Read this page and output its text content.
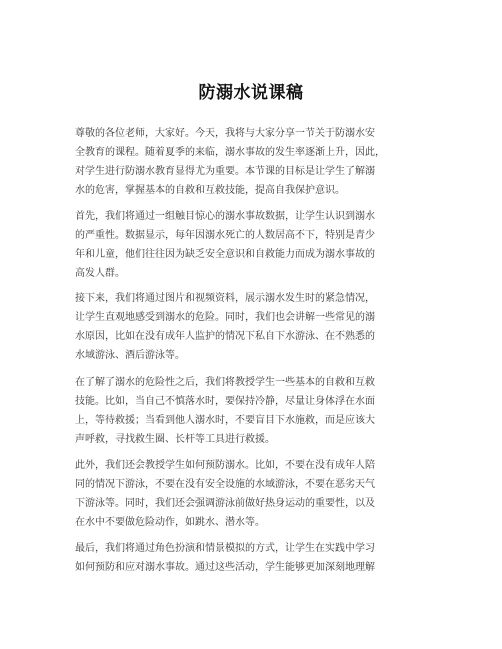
防溺水说课稿
尊敬的各位老师，大家好。今天，我将与大家分享一节关于防溺水安
全教育的课程。随着夏季的来临，溺水事故的发生率逐渐上升，因此，
对学生进行防溺水教育显得尤为重要。本节课的目标是让学生了解溺
水的危害，掌握基本的自救和互救技能，提高自我保护意识。
首先，我们将通过一组触目惊心的溺水事故数据，让学生认识到溺水
的严重性。数据显示，每年因溺水死亡的人数居高不下，特别是青少
年和儿童，他们往往因为缺乏安全意识和自救能力而成为溺水事故的
高发人群。
接下来，我们将通过图片和视频资料，展示溺水发生时的紧急情况，
让学生直观地感受到溺水的危险。同时，我们也会讲解一些常见的溺
水原因，比如在没有成年人监护的情况下私自下水游泳、在不熟悉的
水域游泳、酒后游泳等。
在了解了溺水的危险性之后，我们将教授学生一些基本的自救和互救
技能。比如，当自己不慎落水时，要保持冷静，尽量让身体浮在水面
上，等待救援；当看到他人溺水时，不要盲目下水施救，而是应该大
声呼救，寻找救生圈、长杆等工具进行救援。
此外，我们还会教授学生如何预防溺水。比如，不要在没有成年人陪
同的情况下游泳，不要在没有安全设施的水域游泳，不要在恶劣天气
下游泳等。同时，我们还会强调游泳前做好热身运动的重要性，以及
在水中不要做危险动作，如跳水、潜水等。
最后，我们将通过角色扮演和情景模拟的方式，让学生在实践中学习
如何预防和应对溺水事故。通过这些活动，学生能够更加深刻地理解
